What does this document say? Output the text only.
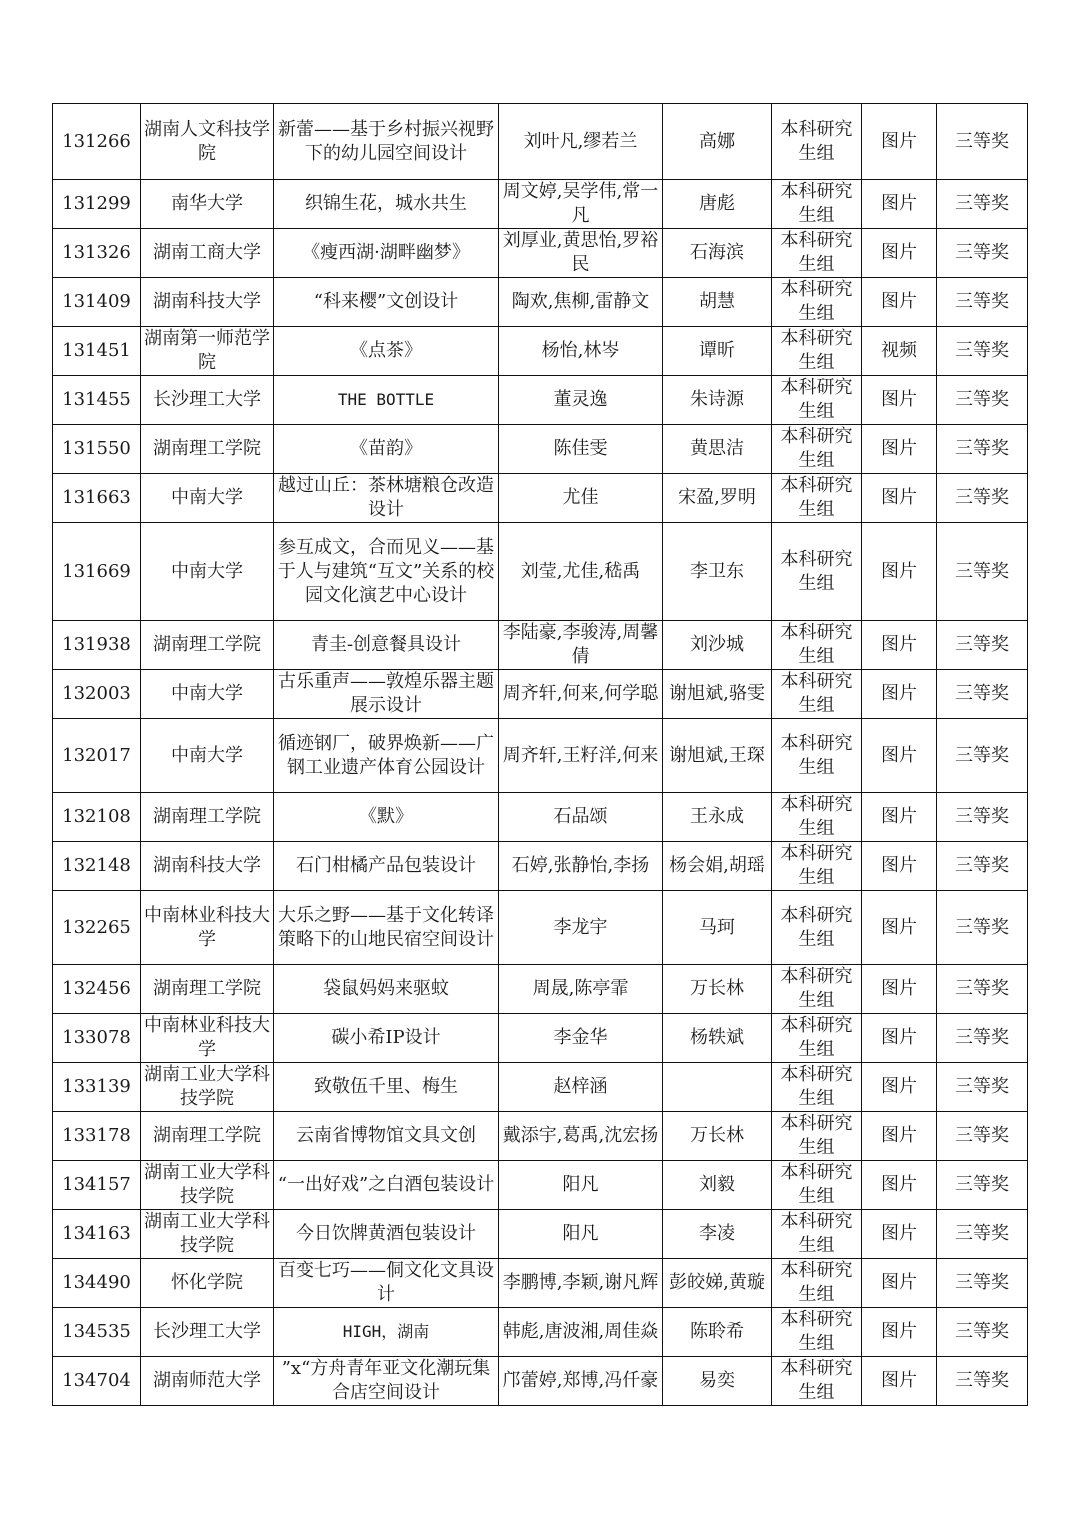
131266	湖南人文科技学院	新蕾——基于乡村振兴视野下的幼儿园空间设计	刘叶凡,缪若兰	高娜	本科研究生组	图片	三等奖
131299	南华大学	织锦生花，城水共生	周文婷,吴学伟,常一凡	唐彪	本科研究生组	图片	三等奖
131326	湖南工商大学	《瘦西湖·湖畔幽梦》	刘厚业,黄思怡,罗裕民	石海滨	本科研究生组	图片	三等奖
131409	湖南科技大学	“科来樱”文创设计	陶欢,焦柳,雷静文	胡慧	本科研究生组	图片	三等奖
131451	湖南第一师范学院	《点茶》	杨怡,林岑	谭昕	本科研究生组	视频	三等奖
131455	长沙理工大学	THE BOTTLE	董灵逸	朱诗源	本科研究生组	图片	三等奖
131550	湖南理工学院	《苗韵》	陈佳雯	黄思洁	本科研究生组	图片	三等奖
131663	中南大学	越过山丘：茶林塘粮仓改造设计	尤佳	宋盈,罗明	本科研究生组	图片	三等奖
131669	中南大学	参互成文，合而见义——基于人与建筑“互文”关系的校园文化演艺中心设计	刘莹,尤佳,嵇禹	李卫东	本科研究生组	图片	三等奖
131938	湖南理工学院	青圭-创意餐具设计	李陆豪,李骏涛,周馨倩	刘沙城	本科研究生组	图片	三等奖
132003	中南大学	古乐重声——敦煌乐器主题展示设计	周齐轩,何来,何学聪	谢旭斌,骆雯	本科研究生组	图片	三等奖
132017	中南大学	循迹钢厂，破界焕新——广钢工业遗产体育公园设计	周齐轩,王籽洋,何来	谢旭斌,王琛	本科研究生组	图片	三等奖
132108	湖南理工学院	《默》	石品颂	王永成	本科研究生组	图片	三等奖
132148	湖南科技大学	石门柑橘产品包装设计	石婷,张静怡,李扬	杨会娟,胡瑶	本科研究生组	图片	三等奖
132265	中南林业科技大学	大乐之野——基于文化转译策略下的山地民宿空间设计	李龙宇	马珂	本科研究生组	图片	三等奖
132456	湖南理工学院	袋鼠妈妈来驱蚊	周晟,陈亭霏	万长林	本科研究生组	图片	三等奖
133078	中南林业科技大学	碳小希IP设计	李金华	杨轶斌	本科研究生组	图片	三等奖
133139	湖南工业大学科技学院	致敬伍千里、梅生	赵梓涵		本科研究生组	图片	三等奖
133178	湖南理工学院	云南省博物馆文具文创	戴添宇,葛禹,沈宏扬	万长林	本科研究生组	图片	三等奖
134157	湖南工业大学科技学院	“一出好戏”之白酒包装设计	阳凡	刘毅	本科研究生组	图片	三等奖
134163	湖南工业大学科技学院	今日饮牌黄酒包装设计	阳凡	李凌	本科研究生组	图片	三等奖
134490	怀化学院	百变七巧——侗文化文具设计	李鹏博,李颖,谢凡辉	彭皎娣,黄璇	本科研究生组	图片	三等奖
134535	长沙理工大学	HIGH，湖南	韩彪,唐波湘,周佳焱	陈聆希	本科研究生组	图片	三等奖
134704	湖南师范大学	”x“方舟青年亚文化潮玩集合店空间设计	邝蕾婷,郑博,冯仟豪	易奕	本科研究生组	图片	三等奖
